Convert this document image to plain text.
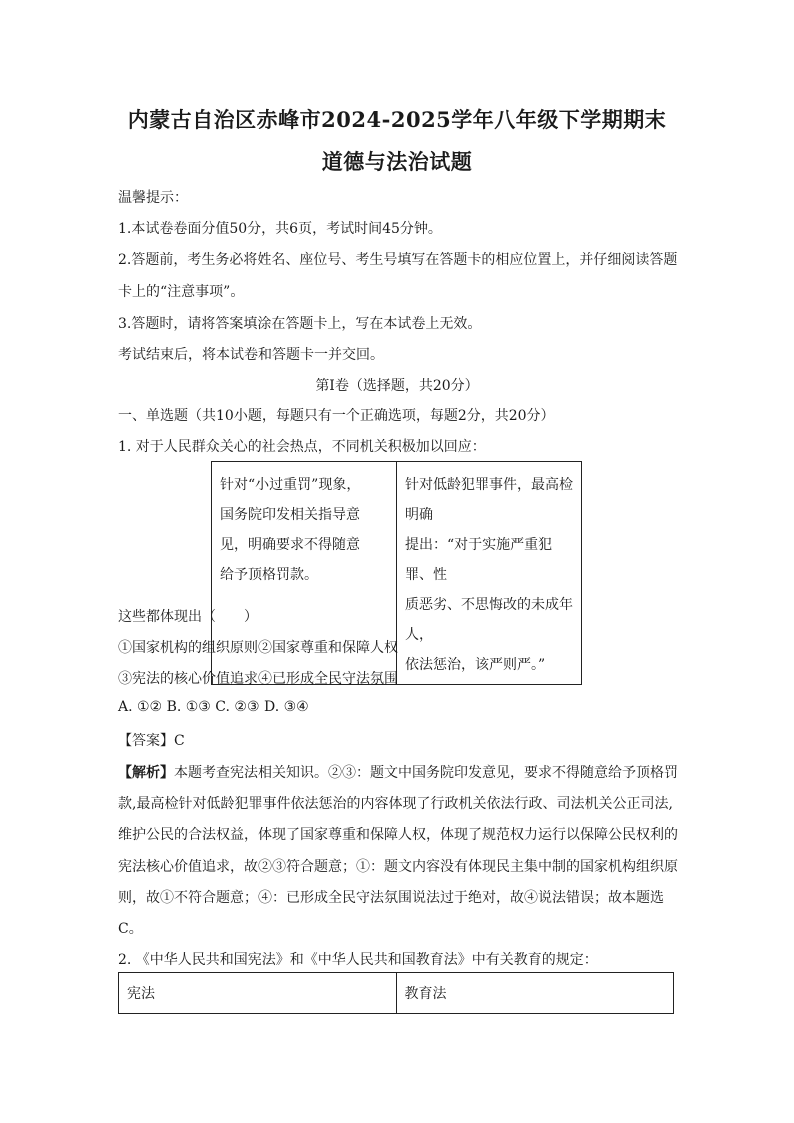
内蒙古自治区赤峰市2024-2025学年八年级下学期期末
道德与法治试题
温馨提示：
1.本试卷卷面分值50分，共6页，考试时间45分钟。
2.答题前，考生务必将姓名、座位号、考生号填写在答题卡的相应位置上，并仔细阅读答题
卡上的“注意事项”。
3.答题时，请将答案填涂在答题卡上，写在本试卷上无效。
考试结束后，将本试卷和答题卡一并交回。
第I卷（选择题，共20分）
一、单选题（共10小题，每题只有一个正确选项，每题2分，共20分）
1. 对于人民群众关心的社会热点，不同机关积极加以回应：
针对“小过重罚”现象，
国务院印发相关指导意
见，明确要求不得随意
给予顶格罚款。

针对低龄犯罪事件，最高检明确
提出：“对于实施严重犯罪、性
质恶劣、不思悔改的未成年人，
依法惩治，该严则严。”
这些都体现出（　　）
①国家机构的组织原则②国家尊重和保障人权
③宪法的核心价值追求④已形成全民守法氛围
A. ①② B. ①③ C. ②③ D. ③④
【答案】C
【解析】本题考查宪法相关知识。②③：题文中国务院印发意见，要求不得随意给予顶格罚
款,最高检针对低龄犯罪事件依法惩治的内容体现了行政机关依法行政、司法机关公正司法,
维护公民的合法权益，体现了国家尊重和保障人权，体现了规范权力运行以保障公民权利的
宪法核心价值追求，故②③符合题意；①：题文内容没有体现民主集中制的国家机构组织原
则，故①不符合题意；④：已形成全民守法氛围说法过于绝对，故④说法错误；故本题选
C。
2. 《中华人民共和国宪法》和《中华人民共和国教育法》中有关教育的规定：
宪法	教育法
